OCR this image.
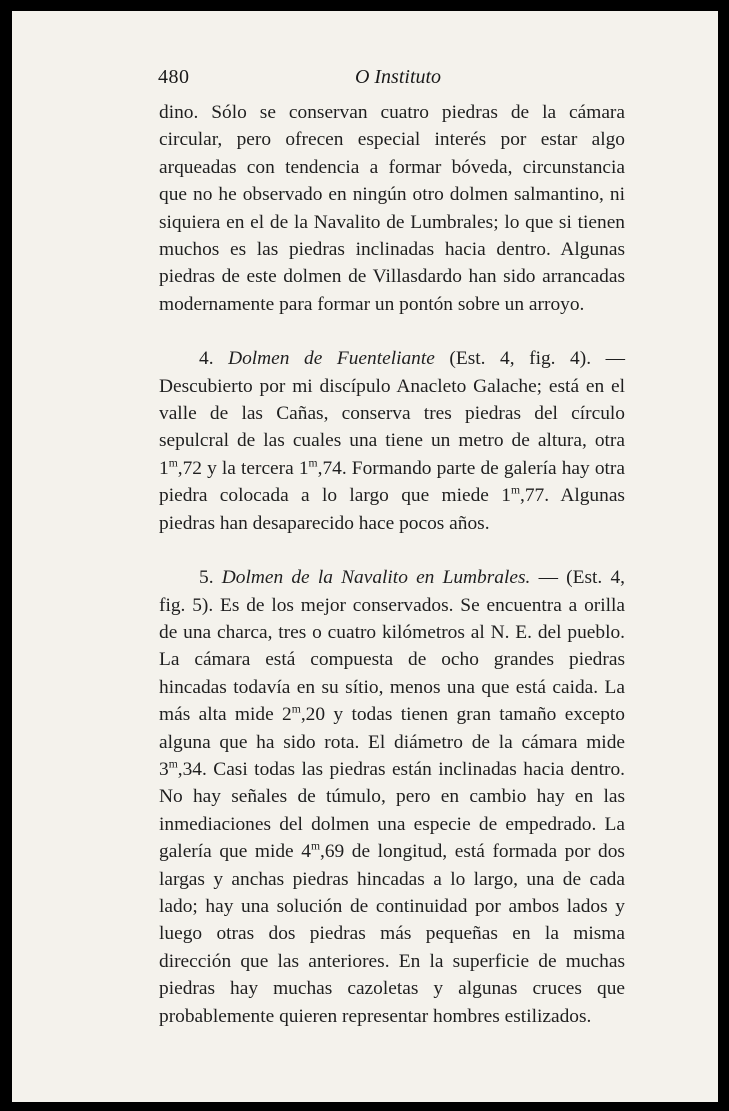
480	O Instituto

dino. Sólo se conservan cuatro piedras de la cámara circular, pero ofrecen especial interés por estar algo arqueadas con tendencia a formar bóveda, circunstancia que no he observado en ningún otro dolmen salmantino, ni siquiera en el de la Navalito de Lumbrales; lo que si tienen muchos es las piedras inclinadas hacia dentro. Algunas piedras de este dolmen de Villasdardo han sido arrancadas modernamente para formar un pontón sobre un arroyo.

4. Dolmen de Fuenteliante (Est. 4, fig. 4). — Descubierto por mi discípulo Anacleto Galache; está en el valle de las Cañas, conserva tres piedras del círculo sepulcral de las cuales una tiene un metro de altura, otra 1$^m$,72 y la tercera 1$^m$,74. Formando parte de galería hay otra piedra colocada a lo largo que miede 1$^m$,77. Algunas piedras han desaparecido hace pocos años.

5. Dolmen de la Navalito en Lumbrales. — (Est. 4, fig. 5). Es de los mejor conservados. Se encuentra a orilla de una charca, tres o cuatro kilómetros al N. E. del pueblo. La cámara está compuesta de ocho grandes piedras hincadas todavía en su sítio, menos una que está caida. La más alta mide 2$^m$,20 y todas tienen gran tamaño excepto alguna que ha sido rota. El diámetro de la cámara mide 3$^m$,34. Casi todas las piedras están inclinadas hacia dentro. No hay señales de túmulo, pero en cambio hay en las inmediaciones del dolmen una especie de empedrado. La galería que mide 4$^m$,69 de longitud, está formada por dos largas y anchas piedras hincadas a lo largo, una de cada lado; hay una solución de continuidad por ambos lados y luego otras dos piedras más pequeñas en la misma dirección que las anteriores. En la superficie de muchas piedras hay muchas cazoletas y algunas cruces que probablemente quieren representar hombres estilizados.
